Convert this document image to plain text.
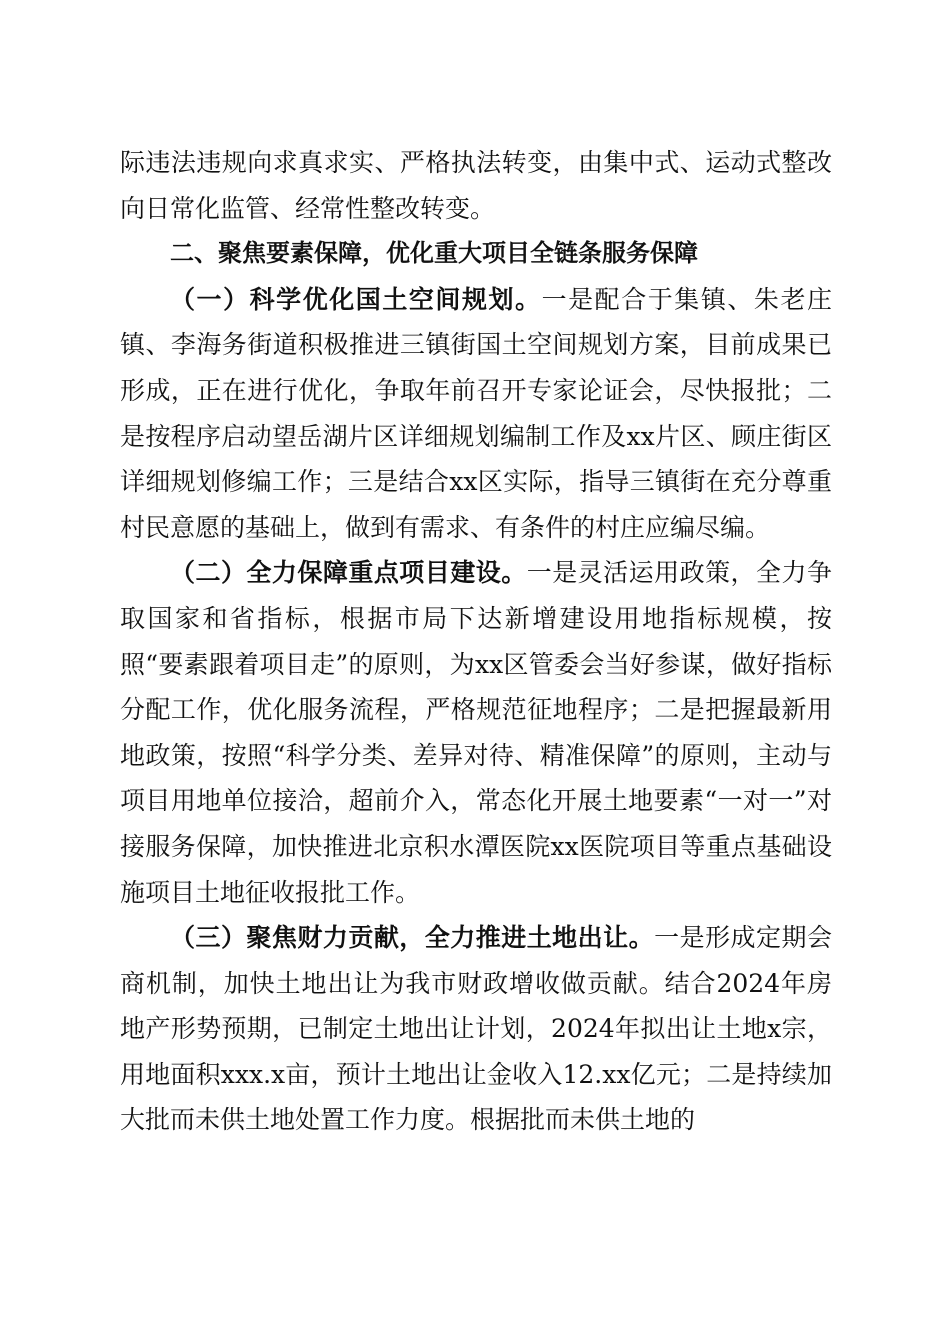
际违法违规向求真求实、严格执法转变，由集中式、运动式整改向日常化监管、经常性整改转变。

二、聚焦要素保障，优化重大项目全链条服务保障

（一）科学优化国土空间规划。一是配合于集镇、朱老庄镇、李海务街道积极推进三镇街国土空间规划方案，目前成果已形成，正在进行优化，争取年前召开专家论证会，尽快报批；二是按程序启动望岳湖片区详细规划编制工作及xx片区、顾庄街区详细规划修编工作；三是结合xx区实际，指导三镇街在充分尊重村民意愿的基础上，做到有需求、有条件的村庄应编尽编。

（二）全力保障重点项目建设。一是灵活运用政策，全力争取国家和省指标，根据市局下达新增建设用地指标规模，按照“要素跟着项目走”的原则，为xx区管委会当好参谋，做好指标分配工作，优化服务流程，严格规范征地程序；二是把握最新用地政策，按照“科学分类、差异对待、精准保障”的原则，主动与项目用地单位接洽，超前介入，常态化开展土地要素“一对一”对接服务保障，加快推进北京积水潭医院xx医院项目等重点基础设施项目土地征收报批工作。

（三）聚焦财力贡献，全力推进土地出让。一是形成定期会商机制，加快土地出让为我市财政增收做贡献。结合2024年房地产形势预期，已制定土地出让计划，2024年拟出让土地x宗，用地面积xxx.x亩，预计土地出让金收入12.xx亿元；二是持续加大批而未供土地处置工作力度。根据批而未供土地的
